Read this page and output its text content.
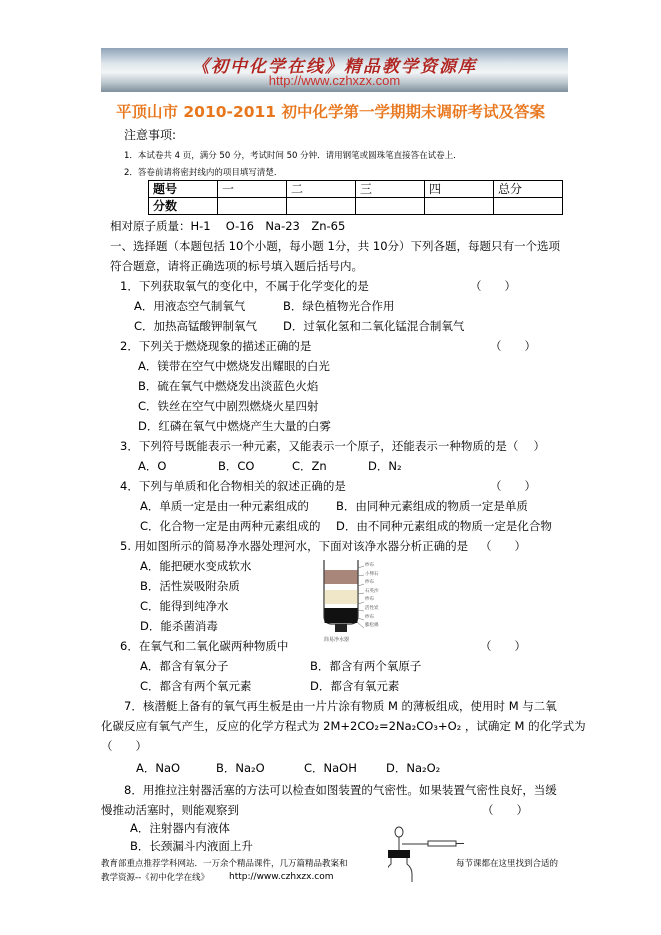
《初中化学在线》精品教学资源库
http://www.czhxzx.com
平顶山市 2010-2011 初中化学第一学期期末调研考试及答案
注意事项:
1．本试卷共 4 页，满分 50 分，考试时间 50 分钟．请用钢笔或圆珠笔直接答在试卷上．
2．答卷前请将密封线内的项目填写清楚．
题号	一	二	三	四	总分
分数					
相对原子质量：H-1　 O-16　Na-23　Zn-65
一、选择题（本题包括 10个小题，每小题 1分，共 10分）下列各题，每题只有一个选项
符合题意，请将正确选项的标号填入题后括号内。
1．下列获取氧气的变化中，不属于化学变化的是	（　　）
A．用液态空气制氧气	B．绿色植物光合作用
C．加热高锰酸钾制氧气 D．过氧化氢和二氧化锰混合制氧气
2．下列关于燃烧现象的描述正确的是	（　　）
A．镁带在空气中燃烧发出耀眼的白光
B．硫在氧气中燃烧发出淡蓝色火焰
C．铁丝在空气中剧烈燃烧火星四射
D．红磷在氧气中燃烧产生大量的白雾
3．下列符号既能表示一种元素，又能表示一个原子，还能表示一种物质的是（　 ）
A．O	B．CO	C．Zn	D．N₂
4．下列与单质和化合物相关的叙述正确的是	（　　）
A．单质一定是由一种元素组成的 B．由同种元素组成的物质一定是单质
C．化合物一定是由两种元素组成的 D．由不同种元素组成的物质一定是化合物
5. 用如图所示的简易净水器处理河水，下面对该净水器分析正确的是 （　　）
A．能把硬水变成软水
B．活性炭吸附杂质
C．能得到纯净水
D．能杀菌消毒
纱布
小卵石
纱布
石英沙
纱布
活性炭
纱布
膨松棉
简易净水器
6．在氧气和二氧化碳两种物质中	（　　）
A．都含有氧分子	B．都含有两个氧原子
C．都含有两个氧元素	D．都含有氧元素
7．核潜艇上备有的氧气再生板是由一片片涂有物质 M 的薄板组成，使用时 M 与二氧
化碳反应有氧气产生，反应的化学方程式为 2M+2CO₂=2Na₂CO₃+O₂ ，试确定 M 的化学式为
（　　）
A．NaO	B．Na₂O	C．NaOH	D．Na₂O₂
8．用推拉注射器活塞的方法可以检查如图装置的气密性。如果装置气密性良好，当缓
慢推动活塞时，则能观察到	（　　）
A．注射器内有液体
B．长颈漏斗内液面上升
教育部重点推荐学科网站．一万余个精品课件，几万篇精品教案和	每节课都在这里找到合适的
教学资源--《初中化学在线》 http://www.czhxzx.com
